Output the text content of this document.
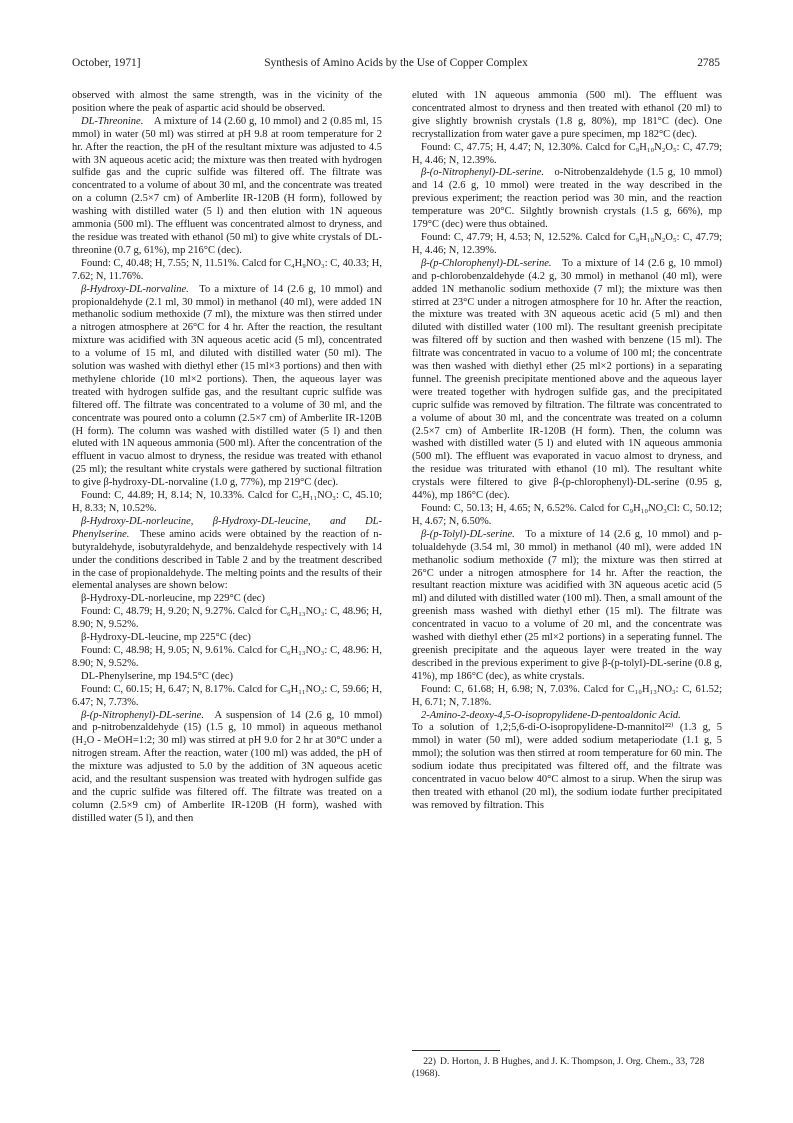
October, 1971]	Synthesis of Amino Acids by the Use of Copper Complex	2785

observed with almost the same strength, was in the vicinity of the position where the peak of aspartic acid should be observed.

DL-Threonine.  A mixture of 14 (2.60 g, 10 mmol) and 2 (0.85 ml, 15 mmol) in water (50 ml) was stirred at pH 9.8 at room temperature for 2 hr. After the reaction, the pH of the resultant mixture was adjusted to 4.5 with 3N aqueous acetic acid; the mixture was then treated with hydrogen sulfide gas and the cupric sulfide was filtered off. The filtrate was concentrated to a volume of about 30 ml, and the concentrate was treated on a column (2.5×7 cm) of Amberlite IR-120B (H form), followed by washing with distilled water (5 l) and then elution with 1N aqueous ammonia (500 ml). The effluent was concentrated almost to dryness, and the residue was treated with ethanol (50 ml) to give white crystals of DL-threonine (0.7 g, 61%), mp 216°C (dec).

Found: C, 40.48; H, 7.55; N, 11.51%. Calcd for C₄H₉NO₃: C, 40.33; H, 7.62; N, 11.76%.

β-Hydroxy-DL-norvaline.  To a mixture of 14 (2.6 g, 10 mmol) and propionaldehyde (2.1 ml, 30 mmol) in methanol (40 ml), were added 1N methanolic sodium methoxide (7 ml), the mixture was then stirred under a nitrogen atmosphere at 26°C for 4 hr. After the reaction, the resultant mixture was acidified with 3N aqueous acetic acid (5 ml), concentrated to a volume of 15 ml, and diluted with distilled water (50 ml). The solution was washed with diethyl ether (15 ml×3 portions) and then with methylene chloride (10 ml×2 portions). Then, the aqueous layer was treated with hydrogen sulfide gas, and the resultant cupric sulfide was filtered off. The filtrate was concentrated to a volume of 30 ml, and the concentrate was poured onto a column (2.5×7 cm) of Amberlite IR-120B (H form). The column was washed with distilled water (5 l) and then eluted with 1N aqueous ammonia (500 ml). After the concentration of the effluent in vacuo almost to dryness, the residue was treated with ethanol (25 ml); the resultant white crystals were gathered by suctional filtration to give β-hydroxy-DL-norvaline (1.0 g, 77%), mp 219°C (dec).

Found: C, 44.89; H, 8.14; N, 10.33%. Calcd for C₅H₁₁NO₃: C, 45.10; H, 8.33; N, 10.52%.

β-Hydroxy-DL-norleucine, β-Hydroxy-DL-leucine, and DL-Phenylserine.  These amino acids were obtained by the reaction of n-butyraldehyde, isobutyraldehyde, and benzaldehyde respectively with 14 under the conditions described in Table 2 and by the treatment described in the case of propionaldehyde. The melting points and the results of their elemental analyses are shown below:

β-Hydroxy-DL-norleucine, mp 229°C (dec)

Found: C, 48.79; H, 9.20; N, 9.27%. Calcd for C₆H₁₃NO₃: C, 48.96; H, 8.90; N, 9.52%.

β-Hydroxy-DL-leucine, mp 225°C (dec)

Found: C, 48.98; H, 9.05; N, 9.61%. Calcd for C₆H₁₃NO₃: C, 48.96: H, 8.90; N, 9.52%.

DL-Phenylserine, mp 194.5°C (dec)

Found: C, 60.15; H, 6.47; N, 8.17%. Calcd for C₉H₁₁NO₃: C, 59.66; H, 6.47; N, 7.73%.

β-(p-Nitrophenyl)-DL-serine.  A suspension of 14 (2.6 g, 10 mmol) and p-nitrobenzaldehyde (15) (1.5 g, 10 mmol) in aqueous methanol (H₂O - MeOH=1:2; 30 ml) was stirred at pH 9.0 for 2 hr at 30°C under a nitrogen stream. After the reaction, water (100 ml) was added, the pH of the mixture was adjusted to 5.0 by the addition of 3N aqueous acetic acid, and the resultant suspension was treated with hydrogen sulfide gas and the cupric sulfide was filtered off. The filtrate was treated on a column (2.5×9 cm) of Amberlite IR-120B (H form), washed with distilled water (5 l), and then

eluted with 1N aqueous ammonia (500 ml). The effluent was concentrated almost to dryness and then treated with ethanol (20 ml) to give slightly brownish crystals (1.8 g, 80%), mp 181°C (dec). One recrystallization from water gave a pure specimen, mp 182°C (dec).

Found: C, 47.75; H, 4.47; N, 12.30%. Calcd for C₉H₁₀N₂O₅: C, 47.79; H, 4.46; N, 12.39%.

β-(o-Nitrophenyl)-DL-serine.  o-Nitrobenzaldehyde (1.5 g, 10 mmol) and 14 (2.6 g, 10 mmol) were treated in the way described in the previous experiment; the reaction period was 30 min, and the reaction temperature was 20°C. Silghtly brownish crystals (1.5 g, 66%), mp 179°C (dec) were thus obtained.

Found: C, 47.79; H, 4.53; N, 12.52%. Calcd for C₉H₁₀N₂O₅: C, 47.79; H, 4.46; N, 12.39%.

β-(p-Chlorophenyl)-DL-serine.  To a mixture of 14 (2.6 g, 10 mmol) and p-chlorobenzaldehyde (4.2 g, 30 mmol) in methanol (40 ml), were added 1N methanolic sodium methoxide (7 ml); the mixture was then stirred at 23°C under a nitrogen atmosphere for 10 hr. After the reaction, the mixture was treated with 3N aqueous acetic acid (5 ml) and then diluted with distilled water (100 ml). The resultant greenish precipitate was filtered off by suction and then washed with benzene (15 ml). The filtrate was concentrated in vacuo to a volume of 100 ml; the concentrate was then washed with diethyl ether (25 ml×2 portions) in a separating funnel. The greenish precipitate mentioned above and the aqueous layer were treated together with hydrogen sulfide gas, and the precipitated cupric sulfide was removed by filtration. The filtrate was concentrated to a volume of about 30 ml, and the concentrate was treated on a column (2.5×7 cm) of Amberlite IR-120B (H form). Then, the column was washed with distilled water (5 l) and eluted with 1N aqueous ammonia (500 ml). The effluent was evaporated in vacuo almost to dryness, and the residue was triturated with ethanol (10 ml). The resultant white crystals were filtered to give β-(p-chlorophenyl)-DL-serine (0.95 g, 44%), mp 186°C (dec).

Found: C, 50.13; H, 4.65; N, 6.52%. Calcd for C₉H₁₀NO₃Cl: C, 50.12; H, 4.67; N, 6.50%.

β-(p-Tolyl)-DL-serine.  To a mixture of 14 (2.6 g, 10 mmol) and p-tolualdehyde (3.54 ml, 30 mmol) in methanol (40 ml), were added 1N methanolic sodium methoxide (7 ml); the mixture was then stirred at 26°C under a nitrogen atmosphere for 14 hr. After the reaction, the resultant reaction mixture was acidified with 3N aqueous acetic acid (5 ml) and diluted with distilled water (100 ml). Then, a small amount of the greenish mass washed with diethyl ether (15 ml). The filtrate was concentrated in vacuo to a volume of 20 ml, and the concentrate was washed with diethyl ether (25 ml×2 portions) in a seperating funnel. The greenish precipitate and the aqueous layer were treated in the way described in the previous experiment to give β-(p-tolyl)-DL-serine (0.8 g, 41%), mp 186°C (dec), as white crystals.

Found: C, 61.68; H, 6.98; N, 7.03%. Calcd for C₁₀H₁₃NO₃: C, 61.52; H, 6.71; N, 7.18%.

2-Amino-2-deoxy-4,5-O-isopropylidene-D-pentoaldonic Acid.

To a solution of 1,2;5,6-di-O-isopropylidene-D-mannitol²²⁾ (1.3 g, 5 mmol) in water (50 ml), were added sodium metaperiodate (1.1 g, 5 mmol); the solution was then stirred at room temperature for 60 min. The sodium iodate thus precipitated was filtered off, and the filtrate was concentrated in vacuo below 40°C almost to a sirup. When the sirup was then treated with ethanol (20 ml), the sodium iodate further precipitated was removed by filtration. This

22) D. Horton, J. B Hughes, and J. K. Thompson, J. Org. Chem., 33, 728 (1968).
